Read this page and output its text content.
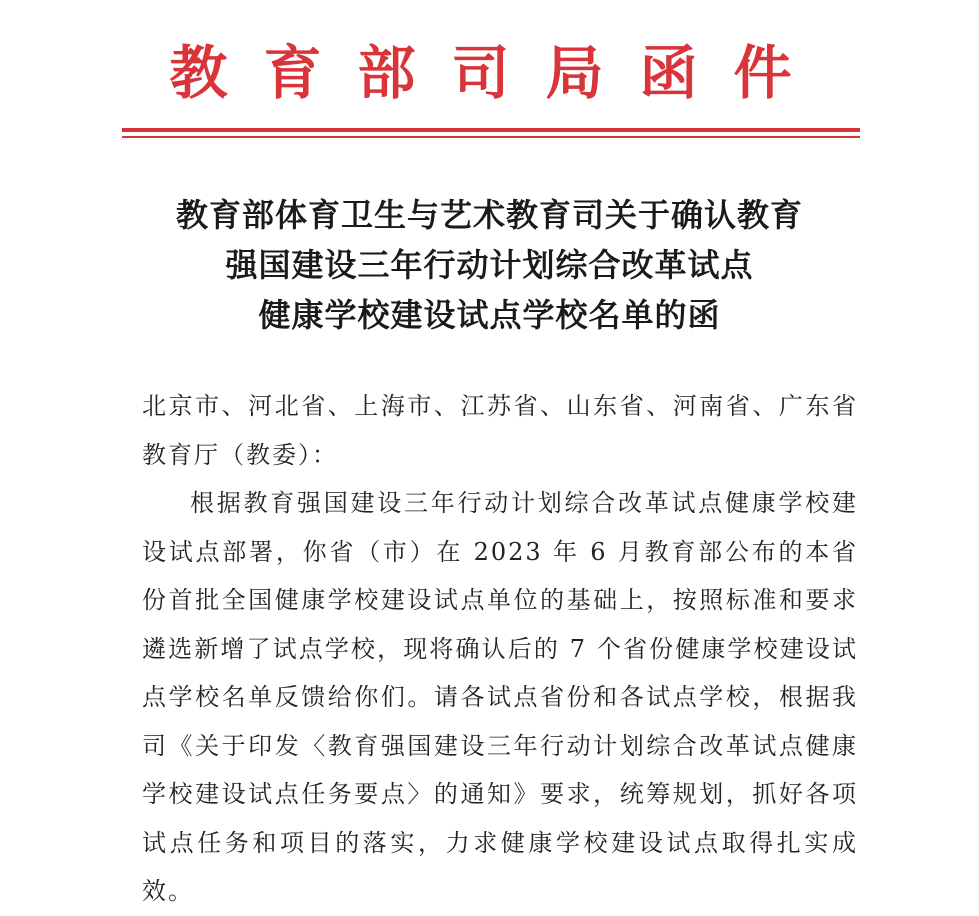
教育部司局函件
教育部体育卫生与艺术教育司关于确认教育
强国建设三年行动计划综合改革试点
健康学校建设试点学校名单的函

北京市、河北省、上海市、江苏省、山东省、河南省、广东省教育厅（教委）：

根据教育强国建设三年行动计划综合改革试点健康学校建设试点部署，你省（市）在 2023 年 6 月教育部公布的本省份首批全国健康学校建设试点单位的基础上，按照标准和要求遴选新增了试点学校，现将确认后的 7 个省份健康学校建设试点学校名单反馈给你们。请各试点省份和各试点学校，根据我司《关于印发〈教育强国建设三年行动计划综合改革试点健康学校建设试点任务要点〉的通知》要求，统筹规划，抓好各项试点任务和项目的落实，力求健康学校建设试点取得扎实成效。
